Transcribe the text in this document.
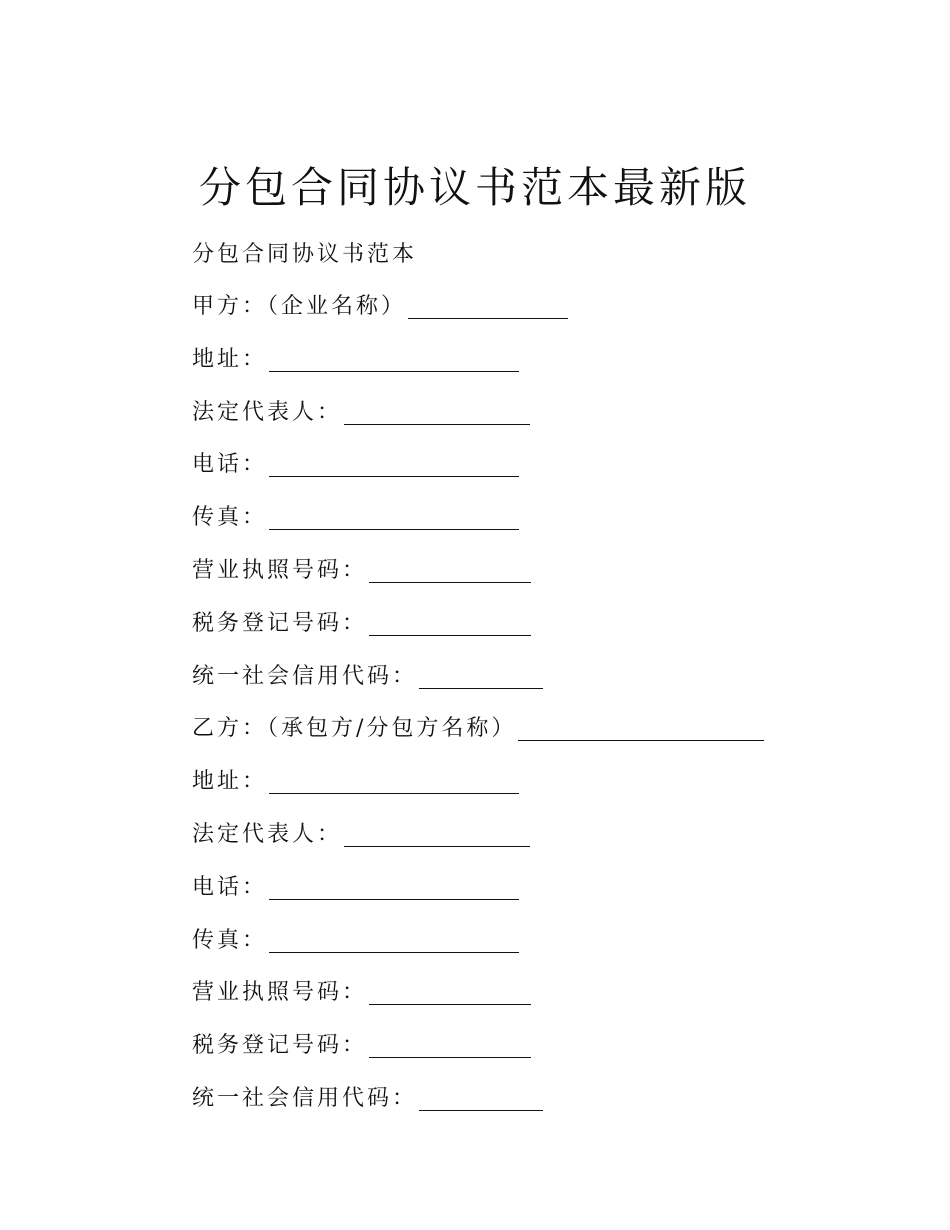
分包合同协议书范本最新版

分包合同协议书范本

甲方：（企业名称）
地址：
法定代表人：
电话：
传真：
营业执照号码：
税务登记号码：
统一社会信用代码：
乙方：（承包方/分包方名称）
地址：
法定代表人：
电话：
传真：
营业执照号码：
税务登记号码：
统一社会信用代码：
